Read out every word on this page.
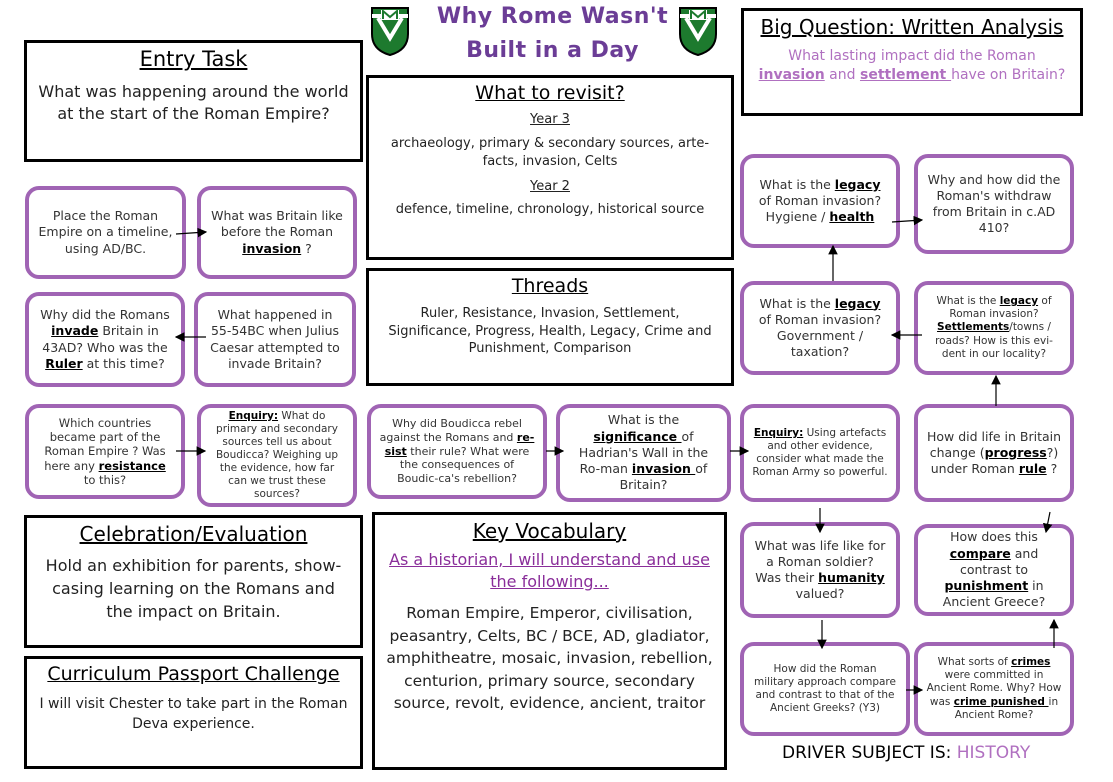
Why Rome Wasn't
Built in a Day
Big Question: Written Analysis

What lasting impact did the Roman invasion and settlement have on Britain?

Entry Task

What was happening around the world at the start of the Roman Empire?

What to revisit?

Year 3

archaeology, primary & secondary sources, arte-facts, invasion, Celts

Year 2

defence, timeline, chronology, historical source

Threads

Ruler, Resistance, Invasion, Settlement, Significance, Progress, Health, Legacy, Crime and Punishment, Comparison

Celebration/Evaluation

Hold an exhibition for parents, show-casing learning on the Romans and the impact on Britain.

Curriculum Passport Challenge

I will visit Chester to take part in the Roman Deva experience.

Key Vocabulary

As a historian, I will understand and use the following...

Roman Empire, Emperor, civilisation, peasantry, Celts, BC / BCE, AD, gladiator, amphitheatre, mosaic, invasion, rebellion, centurion, primary source, secondary source, revolt, evidence, ancient, traitor

DRIVER SUBJECT IS: HISTORY
Place the Roman Empire on a timeline, using AD/BC.
What was Britain like before the Roman invasion ?
Why did the Romans invade Britain in 43AD? Who was the Ruler at this time?
What happened in 55-54BC when Julius Caesar attempted to invade Britain?
Which countries became part of the Roman Empire ? Was here any resistance to this?
Enquiry: What do primary and secondary sources tell us about Boudicca? Weighing up the evidence, how far can we trust these sources?
Why did Boudicca rebel against the Romans and re-sist their rule? What were the consequences of Boudic-ca's rebellion?
What is the significance of Hadrian's Wall in the Ro-man invasion of Britain?
Enquiry: Using artefacts and other evidence, consider what made the Roman Army so powerful.
How did life in Britain change (progress?) under Roman rule ?
What is the legacy of Roman invasion? Settlements/towns / roads? How is this evi-dent in our locality?
What is the legacy of Roman invasion? Government / taxation?
What is the legacy of Roman invasion? Hygiene / health
Why and how did the Roman's withdraw from Britain in c.AD 410?
What was life like for a Roman soldier? Was their humanity valued?
How does this compare and contrast to punishment in Ancient Greece?
How did the Roman military approach compare and contrast to that of the Ancient Greeks? (Y3)
What sorts of crimes were committed in Ancient Rome. Why? How was crime punished in Ancient Rome?
